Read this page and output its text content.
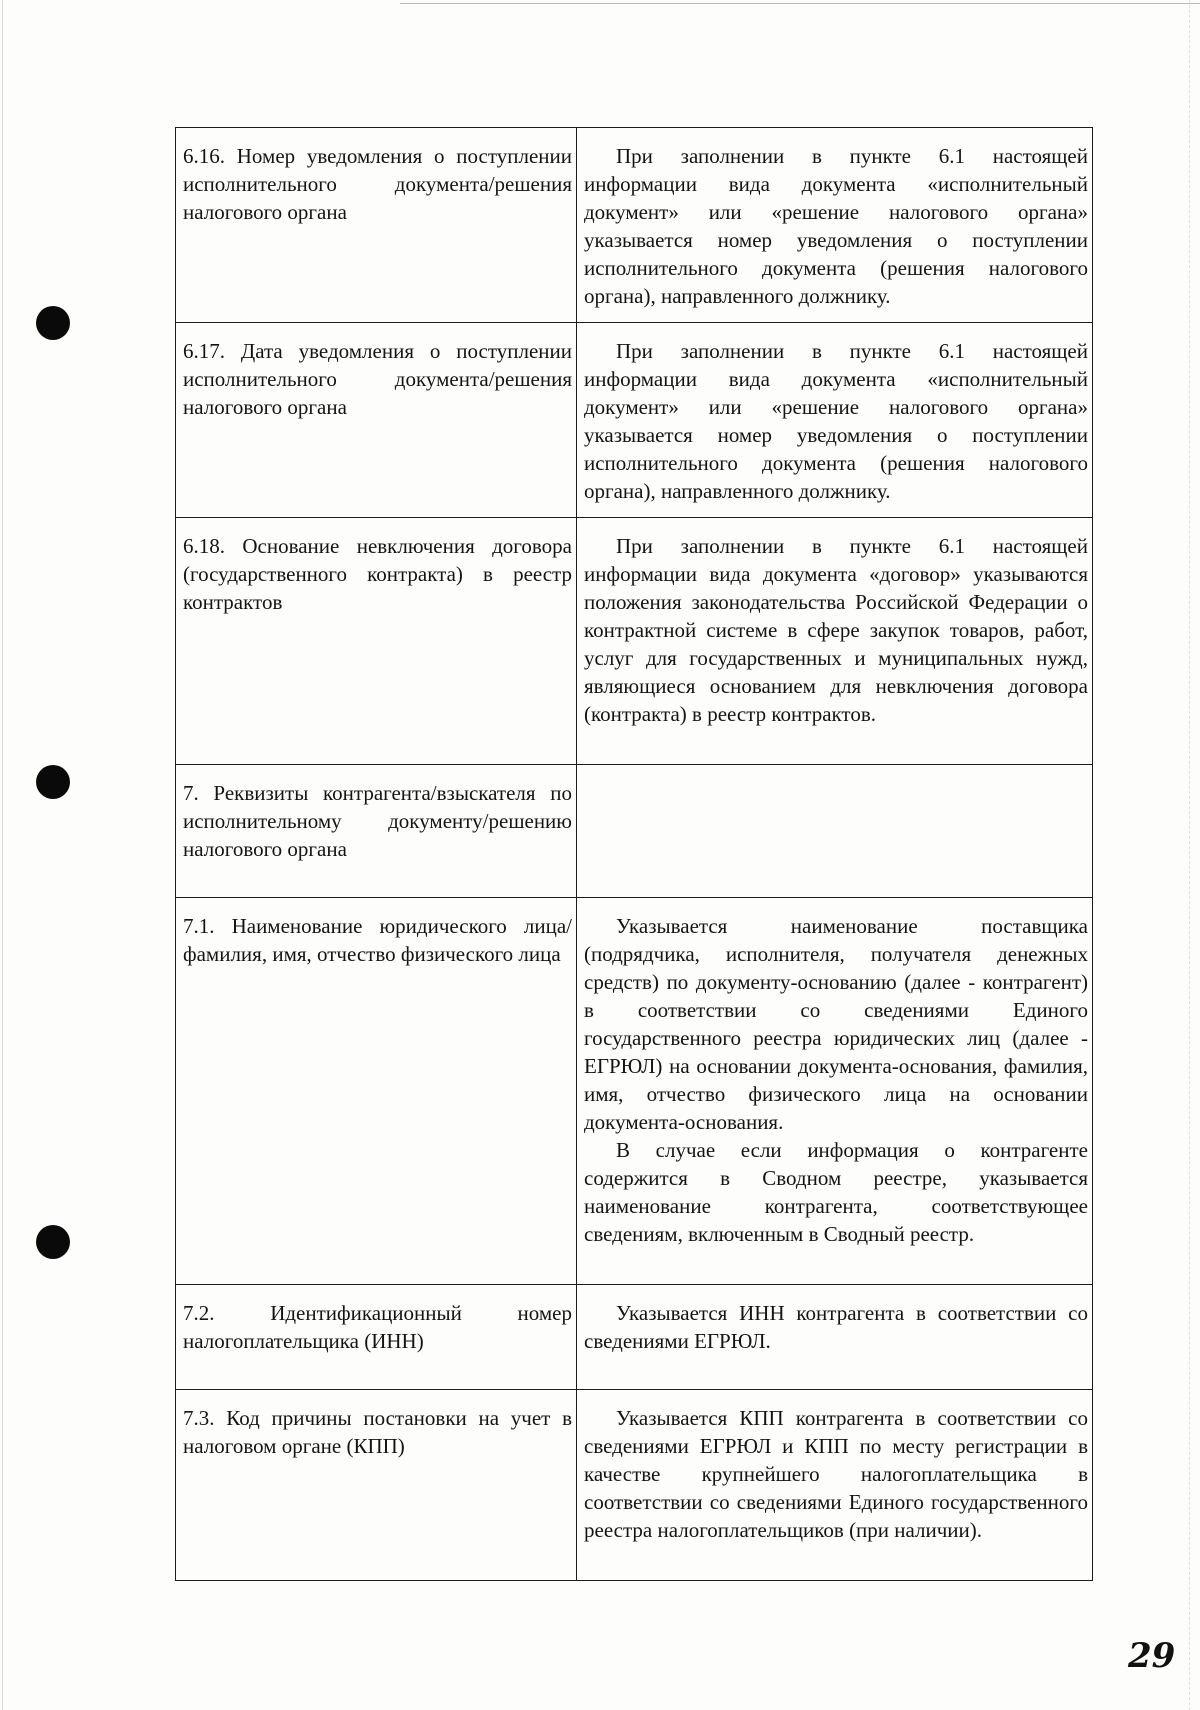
6.16. Номер уведомления о поступлении исполнительного документа/решения налогового органа	При заполнении в пункте 6.1 настоящей информации вида документа «исполнительный документ» или «решение налогового органа» указывается номер уведомления о поступлении исполнительного документа (решения налогового органа), направленного должнику.

6.17. Дата уведомления о поступлении исполнительного документа/решения налогового органа	При заполнении в пункте 6.1 настоящей информации вида документа «исполнительный документ» или «решение налогового органа» указывается номер уведомления о поступлении исполнительного документа (решения налогового органа), направленного должнику.

6.18. Основание невключения договора (государственного контракта) в реестр контрактов	При заполнении в пункте 6.1 настоящей информации вида документа «договор» указываются положения законодательства Российской Федерации о контрактной системе в сфере закупок товаров, работ, услуг для государственных и муниципальных нужд, являющиеся основанием для невключения договора (контракта) в реестр контрактов.

7. Реквизиты контрагента/взыскателя по исполнительному документу/решению налогового органа	

7.1. Наименование юридического лица/фамилия, имя, отчество физического лица	Указывается наименование поставщика (подрядчика, исполнителя, получателя денежных средств) по документу-основанию (далее - контрагент) в соответствии со сведениями Единого государственного реестра юридических лиц (далее - ЕГРЮЛ) на основании документа-основания, фамилия, имя, отчество физического лица на основании документа-основания.

В случае если информация о контрагенте содержится в Сводном реестре, указывается наименование контрагента, соответствующее сведениям, включенным в Сводный реестр.

7.2. Идентификационный номер налогоплательщика (ИНН)	Указывается ИНН контрагента в соответствии со сведениями ЕГРЮЛ.

7.3. Код причины постановки на учет в налоговом органе (КПП)	Указывается КПП контрагента в соответствии со сведениями ЕГРЮЛ и КПП по месту регистрации в качестве крупнейшего налогоплательщика в соответствии со сведениями Единого государственного реестра налогоплательщиков (при наличии).

29
